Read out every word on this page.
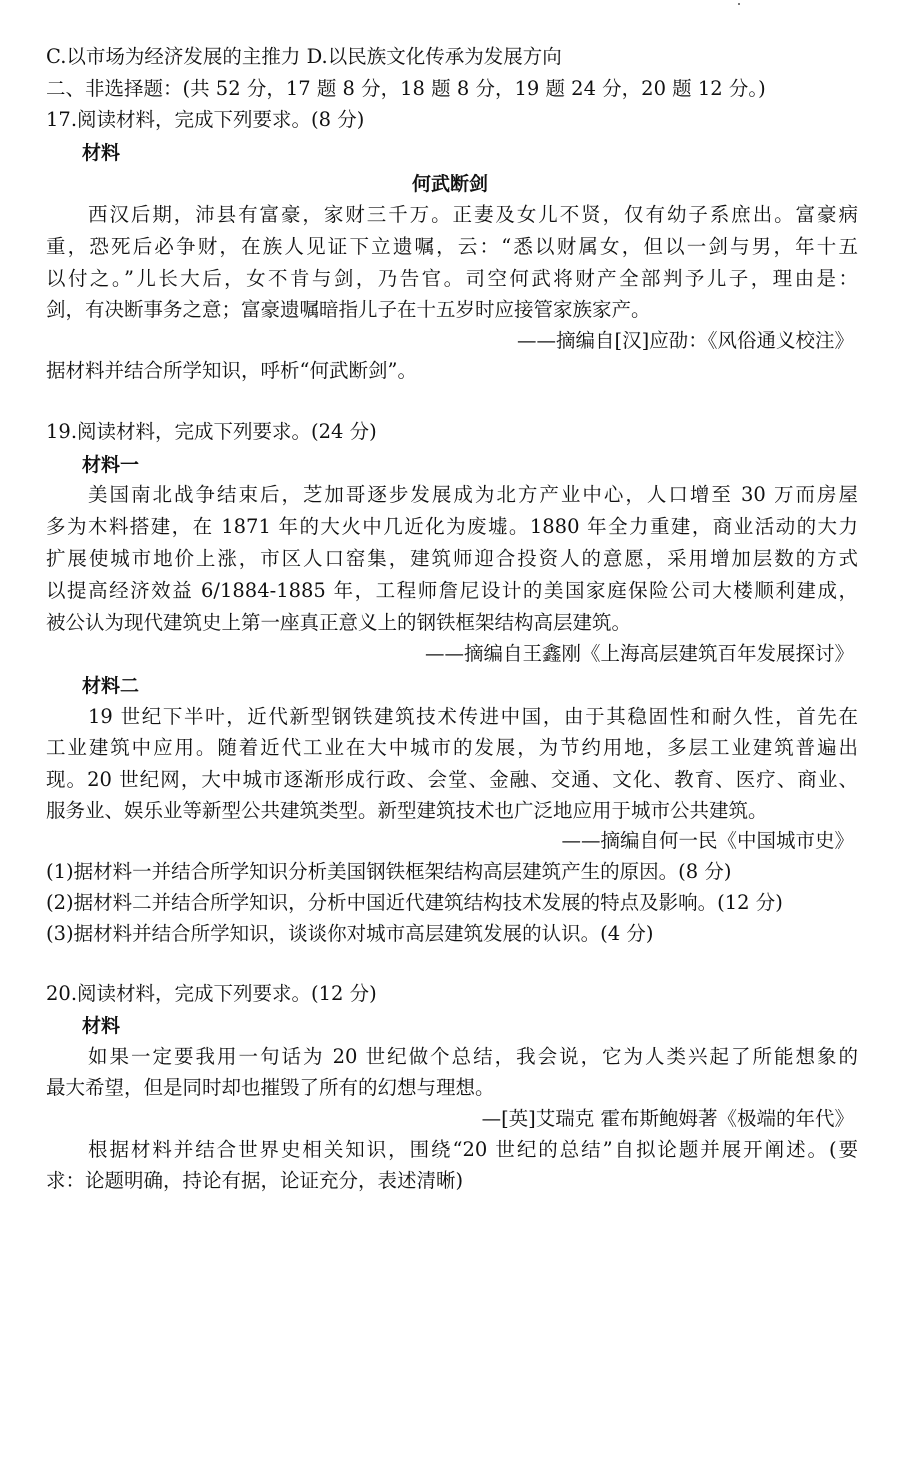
C.以市场为经济发展的主推力 D.以民族文化传承为发展方向
二、非选择题：(共 52 分，17 题 8 分，18 题 8 分，19 题 24 分，20 题 12 分。)
17.阅读材料，完成下列要求。(8 分)
材料
何武断剑
西汉后期，沛县有富豪，家财三千万。正妻及女儿不贤，仅有幼子系庶出。富豪病
重，恐死后必争财，在族人见证下立遗嘱，云：“悉以财属女，但以一剑与男，年十五
以付之。”儿长大后，女不肯与剑，乃告官。司空何武将财产全部判予儿子，理由是：
剑，有决断事务之意；富豪遗嘱暗指儿子在十五岁时应接管家族家产。
——摘编自[汉]应劭：《风俗通义校注》
据材料并结合所学知识，呼析“何武断剑”。
19.阅读材料，完成下列要求。(24 分)
材料一
美国南北战争结束后，芝加哥逐步发展成为北方产业中心，人口增至 30 万而房屋
多为木料搭建，在 1871 年的大火中几近化为废墟。1880 年全力重建，商业活动的大力
扩展使城市地价上涨，市区人口窑集，建筑师迎合投资人的意愿，采用增加层数的方式
以提高经济效益 6/1884-1885 年，工程师詹尼设计的美国家庭保险公司大楼顺利建成，
被公认为现代建筑史上第一座真正意义上的钢铁框架结构高层建筑。
——摘编自王鑫刚《上海高层建筑百年发展探讨》
材料二
19 世纪下半叶，近代新型钢铁建筑技术传进中国，由于其稳固性和耐久性，首先在
工业建筑中应用。随着近代工业在大中城市的发展，为节约用地，多层工业建筑普遍出
现。20 世纪网，大中城市逐渐形成行政、会堂、金融、交通、文化、教育、医疗、商业、
服务业、娱乐业等新型公共建筑类型。新型建筑技术也广泛地应用于城市公共建筑。
——摘编自何一民《中国城市史》
(1)据材料一并结合所学知识分析美国钢铁框架结构高层建筑产生的原因。(8 分)
(2)据材料二并结合所学知识，分析中国近代建筑结构技术发展的特点及影响。(12 分)
(3)据材料并结合所学知识，谈谈你对城市高层建筑发展的认识。(4 分)
20.阅读材料，完成下列要求。(12 分)
材料
如果一定要我用一句话为 20 世纪做个总结，我会说，它为人类兴起了所能想象的
最大希望，但是同时却也摧毁了所有的幻想与理想。
—[英]艾瑞克 霍布斯鲍姆著《极端的年代》
根据材料并结合世界史相关知识，围绕“20 世纪的总结”自拟论题并展开阐述。(要
求：论题明确，持论有据，论证充分，表述清晰)
